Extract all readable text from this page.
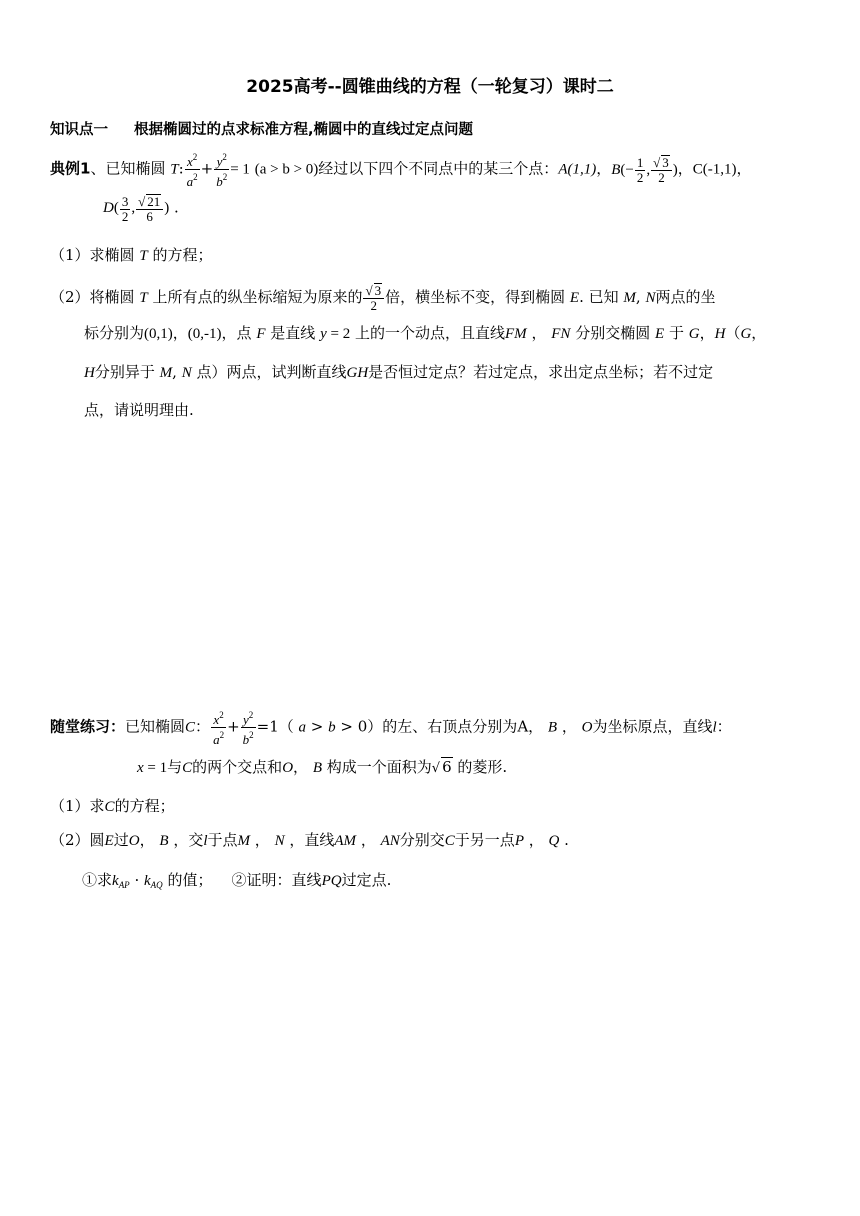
2025高考--圆锥曲线的方程（一轮复习）课时二
知识点一 根据椭圆过的点求标准方程,椭圆中的直线过定点问题
典例1、已知椭圆 T: $\frac{x^2}{a^2} + \frac{y^2}{b^2} = 1$ (a > b > 0)经过以下四个不同点中的某三个点：A(1,1)，$B(- \frac{1}{2}$ , $\frac{√ 3}{2}$ )，C(-1,1)，
$D( \frac{3}{2}$ , $\frac{√ 21}{6}$ ) .
（1）求椭圆 T 的方程；
（2）将椭圆 T 上所有点的纵坐标缩短为原来的 $\frac{√ 3}{2}$ 倍，横坐标不变，得到椭圆 E. 已知 M, N两点的坐
标分别为(0,1)，(0,-1)，点 F 是直线 y = 2 上的一个动点，且直线FM ， FN 分别交椭圆 E 于 G，H（G，
H分别异于 M, N 点）两点，试判断直线GH是否恒过定点？若过定点，求出定点坐标；若不过定
点，请说明理由.
随堂练习：已知椭圆C： $\frac{x^2}{a^2} + \frac{y^2}{b^2} =1$（ a > b > 0）的左、右顶点分别为A， B ， O为坐标原点，直线l：
x = 1与C的两个交点和O， B 构成一个面积为√ 6 的菱形.
（1）求C的方程；
（2）圆E过O， B ，交l于点M ， N ，直线AM ， AN分别交C于另一点P ， Q .
①求$k_{AP} \cdot k_{AQ}$ 的值； ②证明：直线PQ过定点.
